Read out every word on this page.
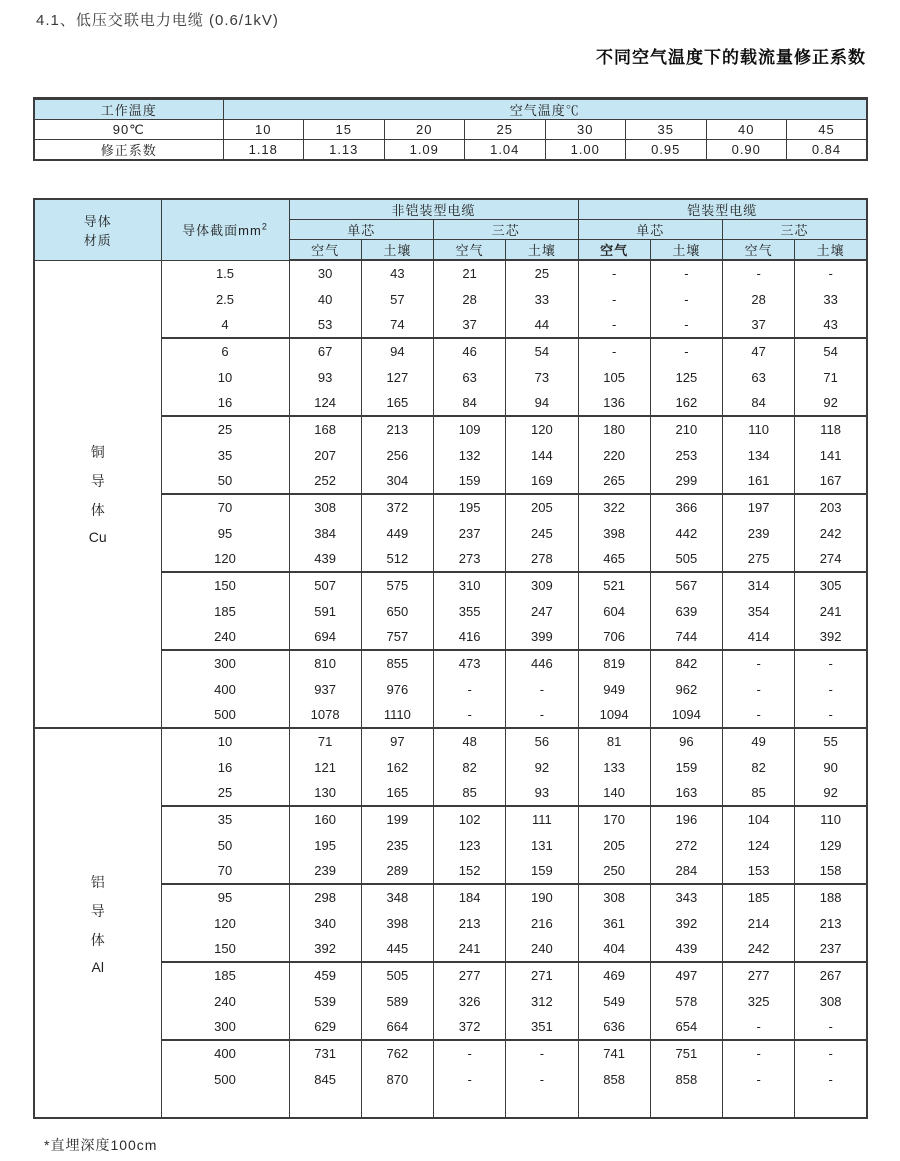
4.1、低压交联电力电缆 (0.6/1kV)
不同空气温度下的载流量修正系数
工作温度	空气温度℃							
90℃	10	15	20	25	30	35	40	45
修正系数	1.18	1.13	1.09	1.04	1.00	0.95	0.90	0.84
导体
材质	导体截面$mm^2$	非铠装型电缆				铠装型电缆			
		单芯		三芯		单芯		三芯	
		空气	土壤	空气	土壤	空气	土壤	空气	土壤

铜
导
体
Cu	1.5	30	43	21	25	-	-	-	-
	2.5	40	57	28	33	-	-	28	33
	4	53	74	37	44	-	-	37	43
	6	67	94	46	54	-	-	47	54
	10	93	127	63	73	105	125	63	71
	16	124	165	84	94	136	162	84	92
	25	168	213	109	120	180	210	110	118
	35	207	256	132	144	220	253	134	141
	50	252	304	159	169	265	299	161	167
	70	308	372	195	205	322	366	197	203
	95	384	449	237	245	398	442	239	242
	120	439	512	273	278	465	505	275	274
	150	507	575	310	309	521	567	314	305
	185	591	650	355	247	604	639	354	241
	240	694	757	416	399	706	744	414	392
	300	810	855	473	446	819	842	-	-
	400	937	976	-	-	949	962	-	-
	500	1078	1110	-	-	1094	1094	-	-

铝
导
体
Al	10	71	97	48	56	81	96	49	55
	16	121	162	82	92	133	159	82	90
	25	130	165	85	93	140	163	85	92
	35	160	199	102	111	170	196	104	110
	50	195	235	123	131	205	272	124	129
	70	239	289	152	159	250	284	153	158
	95	298	348	184	190	308	343	185	188
	120	340	398	213	216	361	392	214	213
	150	392	445	241	240	404	439	242	237
	185	459	505	277	271	469	497	277	267
	240	539	589	326	312	549	578	325	308
	300	629	664	372	351	636	654	-	-
	400	731	762	-	-	741	751	-	-
	500	845	870	-	-	858	858	-	-

*直埋深度100cm
